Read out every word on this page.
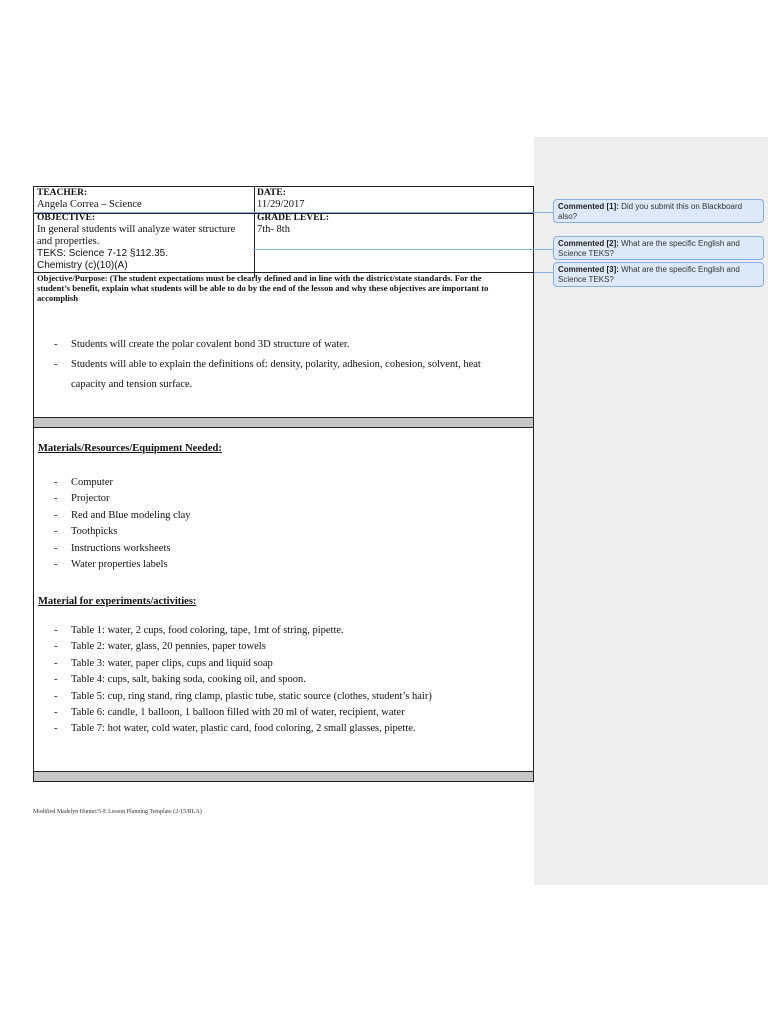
TEACHER:
Angela Correa – Science
DATE:
11/29/2017
OBJECTIVE:
In general students will analyze water structure
and properties.
TEKS: Science 7-12 §112.35.
Chemistry (c)(10)(A)
GRADE LEVEL:
7th- 8th
Objective/Purpose: (The student expectations must be clearly defined and in line with the district/state standards. For the
student’s benefit, explain what students will be able to do by the end of the lesson and why these objectives are important to
accomplish
- Students will create the polar covalent bond 3D structure of water.
- Students will able to explain the definitions of: density, polarity, adhesion, cohesion, solvent, heat capacity and tension surface.
Materials/Resources/Equipment Needed:
- Computer
- Projector
- Red and Blue modeling clay
- Toothpicks
- Instructions worksheets
- Water properties labels
Material for experiments/activities:
- Table 1: water, 2 cups, food coloring, tape, 1mt of string, pipette.
- Table 2: water, glass, 20 pennies, paper towels
- Table 3: water, paper clips, cups and liquid soap
- Table 4: cups, salt, baking soda, cooking oil, and spoon.
- Table 5: cup, ring stand, ring clamp, plastic tube, static source (clothes, student’s hair)
- Table 6: candle, 1 balloon, 1 balloon filled with 20 ml of water, recipient, water
- Table 7: hot water, cold water, plastic card, food coloring, 2 small glasses, pipette.
Commented [1]: Did you submit this on Blackboard also?
Commented [2]: What are the specific English and Science TEKS?
Commented [3]: What are the specific English and Science TEKS?
Modified Madelyn Hunter/5-E Lesson Planning Template (2-15/RLA)
